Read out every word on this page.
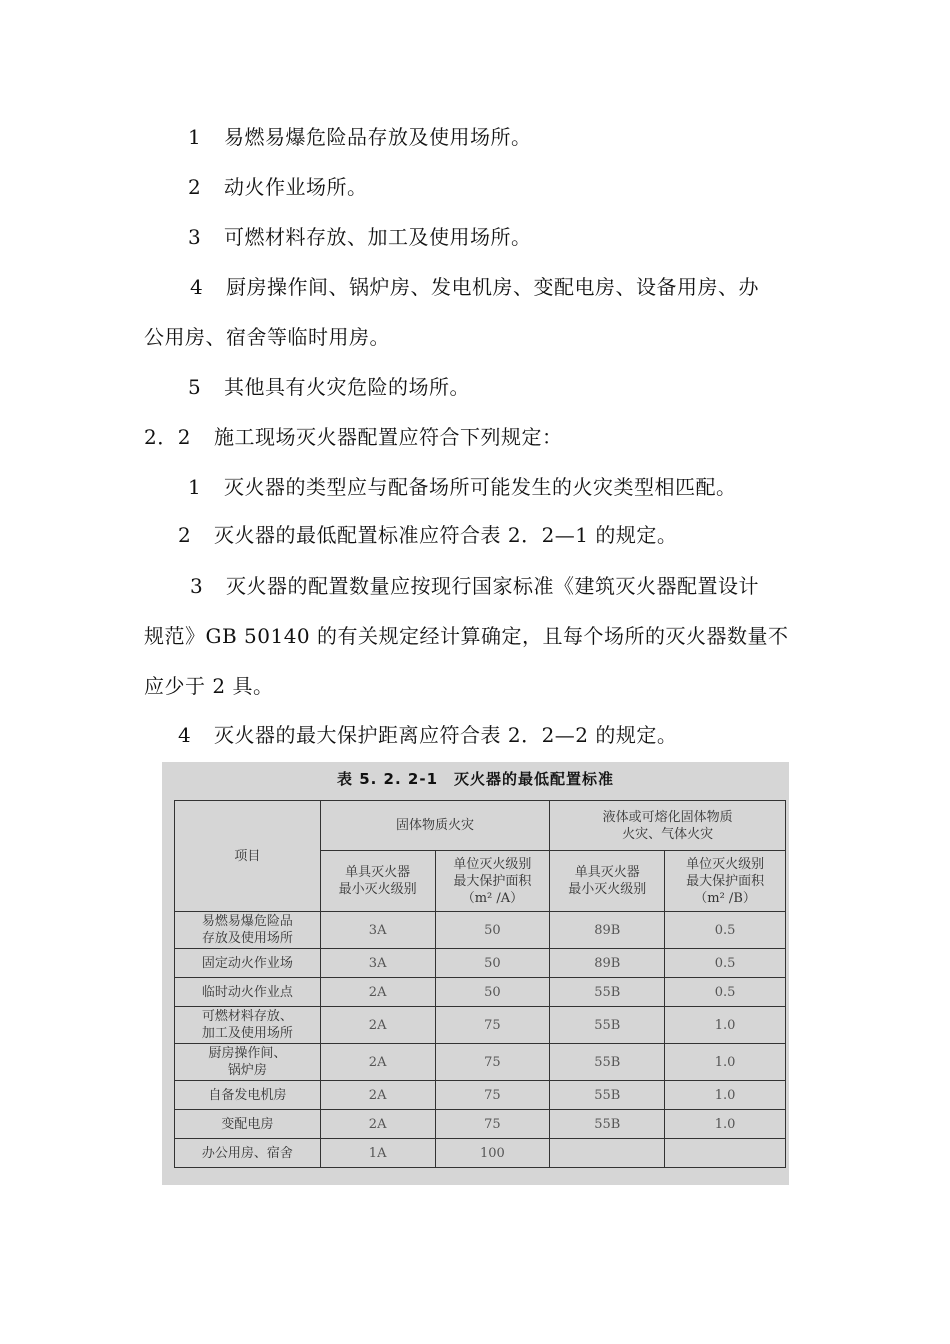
1 易燃易爆危险品存放及使用场所。
2 动火作业场所。
3 可燃材料存放、加工及使用场所。
4 厨房操作间、锅炉房、发电机房、变配电房、设备用房、办
公用房、宿舍等临时用房。
5 其他具有火灾危险的场所。
2．2 施工现场灭火器配置应符合下列规定：
1 灭火器的类型应与配备场所可能发生的火灾类型相匹配。
2 灭火器的最低配置标准应符合表 2．2—1 的规定。
3 灭火器的配置数量应按现行国家标准《建筑灭火器配置设计
规范》GB 50140 的有关规定经计算确定，且每个场所的灭火器数量不
应少于 2 具。
4 灭火器的最大保护距离应符合表 2．2—2 的规定。
表 5. 2. 2-1　灭火器的最低配置标准
项目	固体物质火灾		液体或可熔化固体物质
火灾、气体火灾	
	单具灭火器
最小灭火级别	单位灭火级别
最大保护面积
（m² /A）	单具灭火器
最小灭火级别	单位灭火级别
最大保护面积
（m² /B）
易燃易爆危险品
存放及使用场所	3A	50	89B	0.5
固定动火作业场	3A	50	89B	0.5
临时动火作业点	2A	50	55B	0.5
可燃材料存放、
加工及使用场所	2A	75	55B	1.0
厨房操作间、
锅炉房	2A	75	55B	1.0
自备发电机房	2A	75	55B	1.0
变配电房	2A	75	55B	1.0
办公用房、宿舍	1A	100		
